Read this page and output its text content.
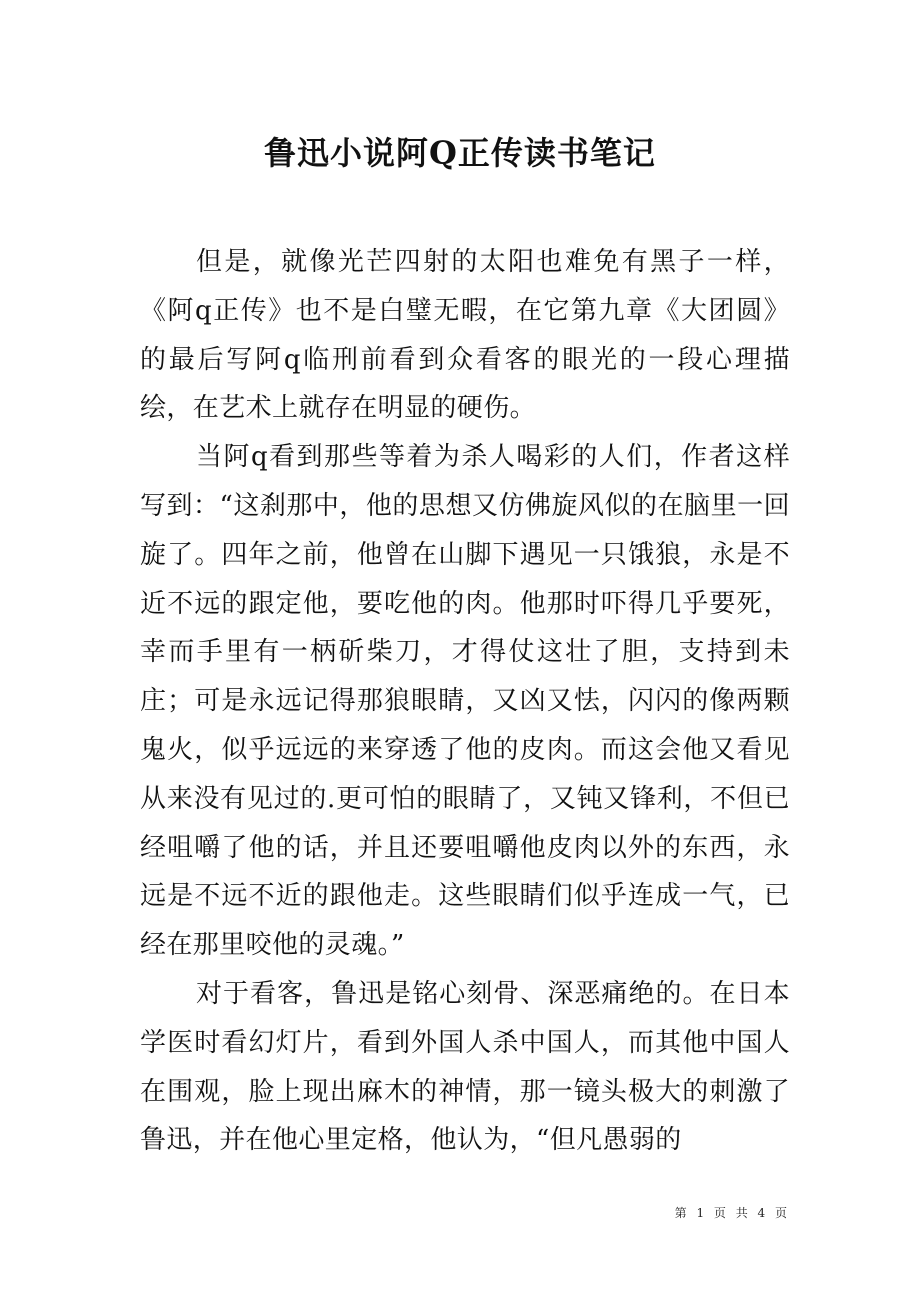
鲁迅小说阿Q正传读书笔记

但是，就像光芒四射的太阳也难免有黑子一样，《阿q正传》也不是白璧无暇，在它第九章《大团圆》的最后写阿q临刑前看到众看客的眼光的一段心理描绘，在艺术上就存在明显的硬伤。

当阿q看到那些等着为杀人喝彩的人们，作者这样写到：“这刹那中，他的思想又仿佛旋风似的在脑里一回旋了。四年之前，他曾在山脚下遇见一只饿狼，永是不近不远的跟定他，要吃他的肉。他那时吓得几乎要死，幸而手里有一柄斫柴刀，才得仗这壮了胆，支持到未庄；可是永远记得那狼眼睛，又凶又怯，闪闪的像两颗鬼火，似乎远远的来穿透了他的皮肉。而这会他又看见从来没有见过的.更可怕的眼睛了，又钝又锋利，不但已经咀嚼了他的话，并且还要咀嚼他皮肉以外的东西，永远是不远不近的跟他走。这些眼睛们似乎连成一气，已经在那里咬他的灵魂。”

对于看客，鲁迅是铭心刻骨、深恶痛绝的。在日本学医时看幻灯片，看到外国人杀中国人，而其他中国人在围观，脸上现出麻木的神情，那一镜头极大的刺激了鲁迅，并在他心里定格，他认为，“但凡愚弱的

第 1 页 共 4 页
